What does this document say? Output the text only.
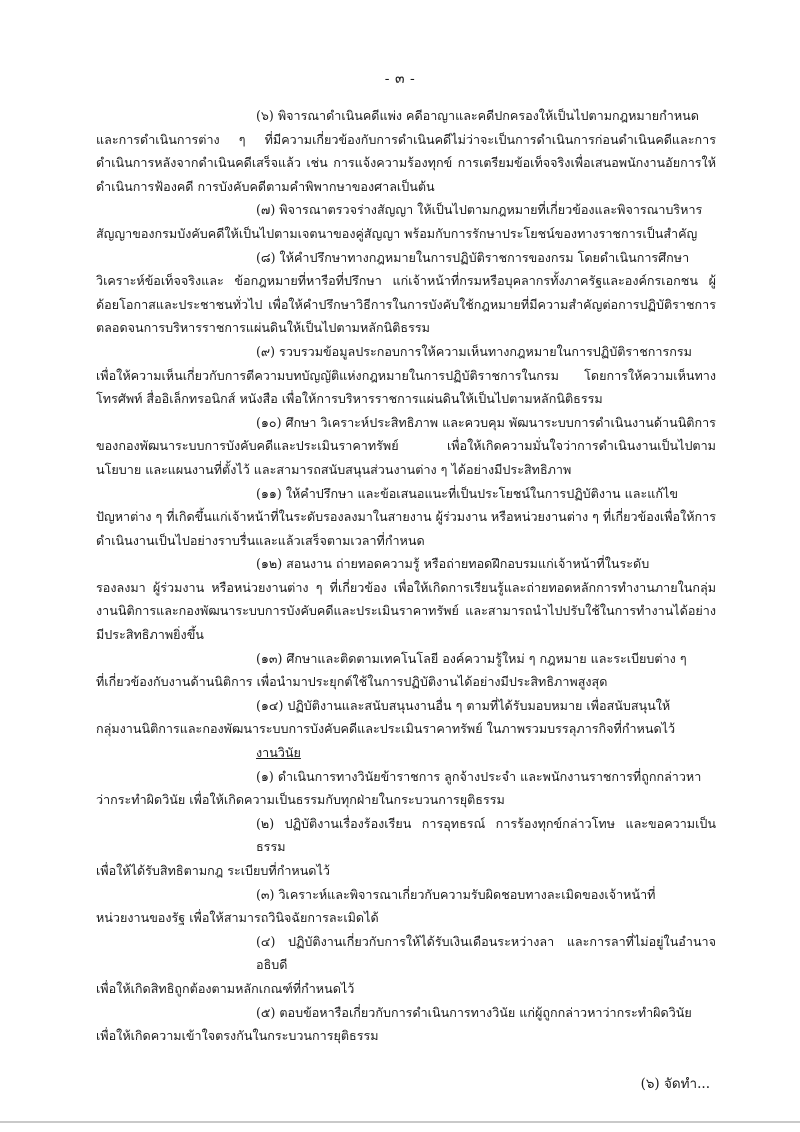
- ๓ -

(๖) พิจารณาดำเนินคดีแพ่ง คดีอาญาและคดีปกครองให้เป็นไปตามกฎหมายกำหนด
และการดำเนินการต่าง ๆ ที่มีความเกี่ยวข้องกับการดำเนินคดีไม่ว่าจะเป็นการดำเนินการก่อนดำเนินคดีและการดำเนินการหลังจากดำเนินคดีเสร็จแล้ว เช่น การแจ้งความร้องทุกข์ การเตรียมข้อเท็จจริงเพื่อเสนอพนักงานอัยการให้ดำเนินการฟ้องคดี การบังคับคดีตามคำพิพากษาของศาลเป็นต้น

(๗) พิจารณาตรวจร่างสัญญา ให้เป็นไปตามกฎหมายที่เกี่ยวข้องและพิจารณาบริหาร
สัญญาของกรมบังคับคดีให้เป็นไปตามเจตนาของคู่สัญญา พร้อมกับการรักษาประโยชน์ของทางราชการเป็นสำคัญ

(๘) ให้คำปรึกษาทางกฎหมายในการปฏิบัติราชการของกรม โดยดำเนินการศึกษา
วิเคราะห์ข้อเท็จจริงและ ข้อกฎหมายที่หารือที่ปรึกษา แก่เจ้าหน้าที่กรมหรือบุคลากรทั้งภาครัฐและองค์กรเอกชน ผู้ด้อยโอกาสและประชาชนทั่วไป เพื่อให้คำปรึกษาวิธีการในการบังคับใช้กฎหมายที่มีความสำคัญต่อการปฏิบัติราชการ ตลอดจนการบริหารราชการแผ่นดินให้เป็นไปตามหลักนิติธรรม

(๙) รวบรวมข้อมูลประกอบการให้ความเห็นทางกฎหมายในการปฏิบัติราชการกรม
เพื่อให้ความเห็นเกี่ยวกับการตีความบทบัญญัติแห่งกฎหมายในการปฏิบัติราชการในกรม โดยการให้ความเห็นทางโทรศัพท์ สื่ออิเล็กทรอนิกส์ หนังสือ เพื่อให้การบริหารราชการแผ่นดินให้เป็นไปตามหลักนิติธรรม

(๑๐) ศึกษา วิเคราะห์ประสิทธิภาพ และควบคุม พัฒนาระบบการดำเนินงานด้านนิติการ
ของกองพัฒนาระบบการบังคับคดีและประเมินราคาทรัพย์ เพื่อให้เกิดความมั่นใจว่าการดำเนินงานเป็นไปตามนโยบาย และแผนงานที่ตั้งไว้ และสามารถสนับสนุนส่วนงานต่าง ๆ ได้อย่างมีประสิทธิภาพ

(๑๑) ให้คำปรึกษา และข้อเสนอแนะที่เป็นประโยชน์ในการปฏิบัติงาน และแก้ไข
ปัญหาต่าง ๆ ที่เกิดขึ้นแก่เจ้าหน้าที่ในระดับรองลงมาในสายงาน ผู้ร่วมงาน หรือหน่วยงานต่าง ๆ ที่เกี่ยวข้องเพื่อให้การดำเนินงานเป็นไปอย่างราบรื่นและแล้วเสร็จตามเวลาที่กำหนด

(๑๒) สอนงาน ถ่ายทอดความรู้ หรือถ่ายทอดฝึกอบรมแก่เจ้าหน้าที่ในระดับ
รองลงมา ผู้ร่วมงาน หรือหน่วยงานต่าง ๆ ที่เกี่ยวข้อง เพื่อให้เกิดการเรียนรู้และถ่ายทอดหลักการทำงานภายในกลุ่มงานนิติการและกองพัฒนาระบบการบังคับคดีและประเมินราคาทรัพย์ และสามารถนำไปปรับใช้ในการทำงานได้อย่างมีประสิทธิภาพยิ่งขึ้น

(๑๓) ศึกษาและติดตามเทคโนโลยี องค์ความรู้ใหม่ ๆ กฎหมาย และระเบียบต่าง ๆ
ที่เกี่ยวข้องกับงานด้านนิติการ เพื่อนำมาประยุกต์ใช้ในการปฏิบัติงานได้อย่างมีประสิทธิภาพสูงสุด

(๑๔) ปฏิบัติงานและสนับสนุนงานอื่น ๆ ตามที่ได้รับมอบหมาย เพื่อสนับสนุนให้
กลุ่มงานนิติการและกองพัฒนาระบบการบังคับคดีและประเมินราคาทรัพย์ ในภาพรวมบรรลุภารกิจที่กำหนดไว้

งานวินัย

(๑) ดำเนินการทางวินัยข้าราชการ ลูกจ้างประจำ และพนักงานราชการที่ถูกกล่าวหา
ว่ากระทำผิดวินัย เพื่อให้เกิดความเป็นธรรมกับทุกฝ่ายในกระบวนการยุติธรรม

(๒) ปฏิบัติงานเรื่องร้องเรียน การอุทธรณ์ การร้องทุกข์กล่าวโทษ และขอความเป็นธรรม
เพื่อให้ได้รับสิทธิตามกฎ ระเบียบที่กำหนดไว้

(๓) วิเคราะห์และพิจารณาเกี่ยวกับความรับผิดชอบทางละเมิดของเจ้าหน้าที่
หน่วยงานของรัฐ เพื่อให้สามารถวินิจฉัยการละเมิดได้

(๔) ปฏิบัติงานเกี่ยวกับการให้ได้รับเงินเดือนระหว่างลา และการลาที่ไม่อยู่ในอำนาจอธิบดี
เพื่อให้เกิดสิทธิถูกต้องตามหลักเกณฑ์ที่กำหนดไว้

(๕) ตอบข้อหารือเกี่ยวกับการดำเนินการทางวินัย แก่ผู้ถูกกล่าวหาว่ากระทำผิดวินัย
เพื่อให้เกิดความเข้าใจตรงกันในกระบวนการยุติธรรม

(๖) จัดทำ...
